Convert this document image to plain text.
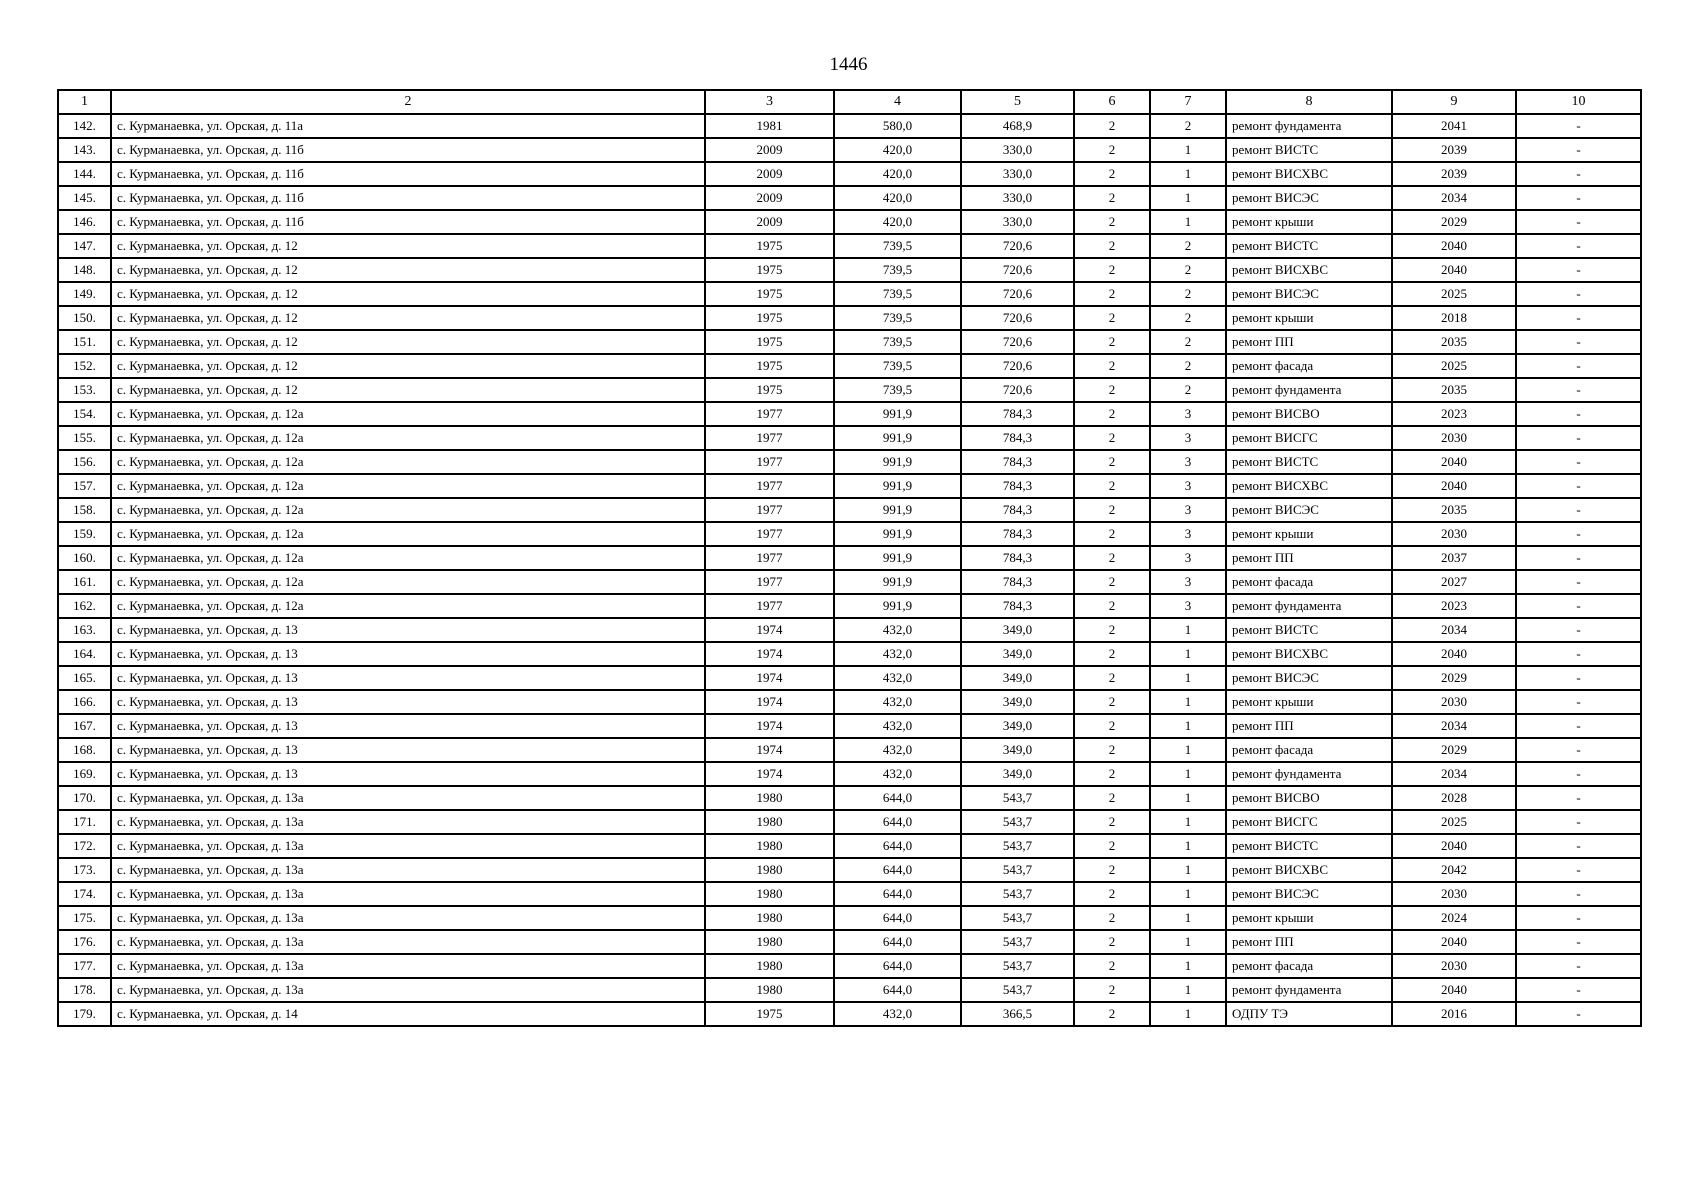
1446
1	2	3	4	5	6	7	8	9	10
142.	с. Курманаевка, ул. Орская, д. 11а	1981	580,0	468,9	2	2	ремонт фундамента	2041	-
143.	с. Курманаевка, ул. Орская, д. 11б	2009	420,0	330,0	2	1	ремонт ВИСТС	2039	-
144.	с. Курманаевка, ул. Орская, д. 11б	2009	420,0	330,0	2	1	ремонт ВИСХВС	2039	-
145.	с. Курманаевка, ул. Орская, д. 11б	2009	420,0	330,0	2	1	ремонт ВИСЭС	2034	-
146.	с. Курманаевка, ул. Орская, д. 11б	2009	420,0	330,0	2	1	ремонт крыши	2029	-
147.	с. Курманаевка, ул. Орская, д. 12	1975	739,5	720,6	2	2	ремонт ВИСТС	2040	-
148.	с. Курманаевка, ул. Орская, д. 12	1975	739,5	720,6	2	2	ремонт ВИСХВС	2040	-
149.	с. Курманаевка, ул. Орская, д. 12	1975	739,5	720,6	2	2	ремонт ВИСЭС	2025	-
150.	с. Курманаевка, ул. Орская, д. 12	1975	739,5	720,6	2	2	ремонт крыши	2018	-
151.	с. Курманаевка, ул. Орская, д. 12	1975	739,5	720,6	2	2	ремонт ПП	2035	-
152.	с. Курманаевка, ул. Орская, д. 12	1975	739,5	720,6	2	2	ремонт фасада	2025	-
153.	с. Курманаевка, ул. Орская, д. 12	1975	739,5	720,6	2	2	ремонт фундамента	2035	-
154.	с. Курманаевка, ул. Орская, д. 12а	1977	991,9	784,3	2	3	ремонт ВИСВО	2023	-
155.	с. Курманаевка, ул. Орская, д. 12а	1977	991,9	784,3	2	3	ремонт ВИСГС	2030	-
156.	с. Курманаевка, ул. Орская, д. 12а	1977	991,9	784,3	2	3	ремонт ВИСТС	2040	-
157.	с. Курманаевка, ул. Орская, д. 12а	1977	991,9	784,3	2	3	ремонт ВИСХВС	2040	-
158.	с. Курманаевка, ул. Орская, д. 12а	1977	991,9	784,3	2	3	ремонт ВИСЭС	2035	-
159.	с. Курманаевка, ул. Орская, д. 12а	1977	991,9	784,3	2	3	ремонт крыши	2030	-
160.	с. Курманаевка, ул. Орская, д. 12а	1977	991,9	784,3	2	3	ремонт ПП	2037	-
161.	с. Курманаевка, ул. Орская, д. 12а	1977	991,9	784,3	2	3	ремонт фасада	2027	-
162.	с. Курманаевка, ул. Орская, д. 12а	1977	991,9	784,3	2	3	ремонт фундамента	2023	-
163.	с. Курманаевка, ул. Орская, д. 13	1974	432,0	349,0	2	1	ремонт ВИСТС	2034	-
164.	с. Курманаевка, ул. Орская, д. 13	1974	432,0	349,0	2	1	ремонт ВИСХВС	2040	-
165.	с. Курманаевка, ул. Орская, д. 13	1974	432,0	349,0	2	1	ремонт ВИСЭС	2029	-
166.	с. Курманаевка, ул. Орская, д. 13	1974	432,0	349,0	2	1	ремонт крыши	2030	-
167.	с. Курманаевка, ул. Орская, д. 13	1974	432,0	349,0	2	1	ремонт ПП	2034	-
168.	с. Курманаевка, ул. Орская, д. 13	1974	432,0	349,0	2	1	ремонт фасада	2029	-
169.	с. Курманаевка, ул. Орская, д. 13	1974	432,0	349,0	2	1	ремонт фундамента	2034	-
170.	с. Курманаевка, ул. Орская, д. 13а	1980	644,0	543,7	2	1	ремонт ВИСВО	2028	-
171.	с. Курманаевка, ул. Орская, д. 13а	1980	644,0	543,7	2	1	ремонт ВИСГС	2025	-
172.	с. Курманаевка, ул. Орская, д. 13а	1980	644,0	543,7	2	1	ремонт ВИСТС	2040	-
173.	с. Курманаевка, ул. Орская, д. 13а	1980	644,0	543,7	2	1	ремонт ВИСХВС	2042	-
174.	с. Курманаевка, ул. Орская, д. 13а	1980	644,0	543,7	2	1	ремонт ВИСЭС	2030	-
175.	с. Курманаевка, ул. Орская, д. 13а	1980	644,0	543,7	2	1	ремонт крыши	2024	-
176.	с. Курманаевка, ул. Орская, д. 13а	1980	644,0	543,7	2	1	ремонт ПП	2040	-
177.	с. Курманаевка, ул. Орская, д. 13а	1980	644,0	543,7	2	1	ремонт фасада	2030	-
178.	с. Курманаевка, ул. Орская, д. 13а	1980	644,0	543,7	2	1	ремонт фундамента	2040	-
179.	с. Курманаевка, ул. Орская, д. 14	1975	432,0	366,5	2	1	ОДПУ ТЭ	2016	-
